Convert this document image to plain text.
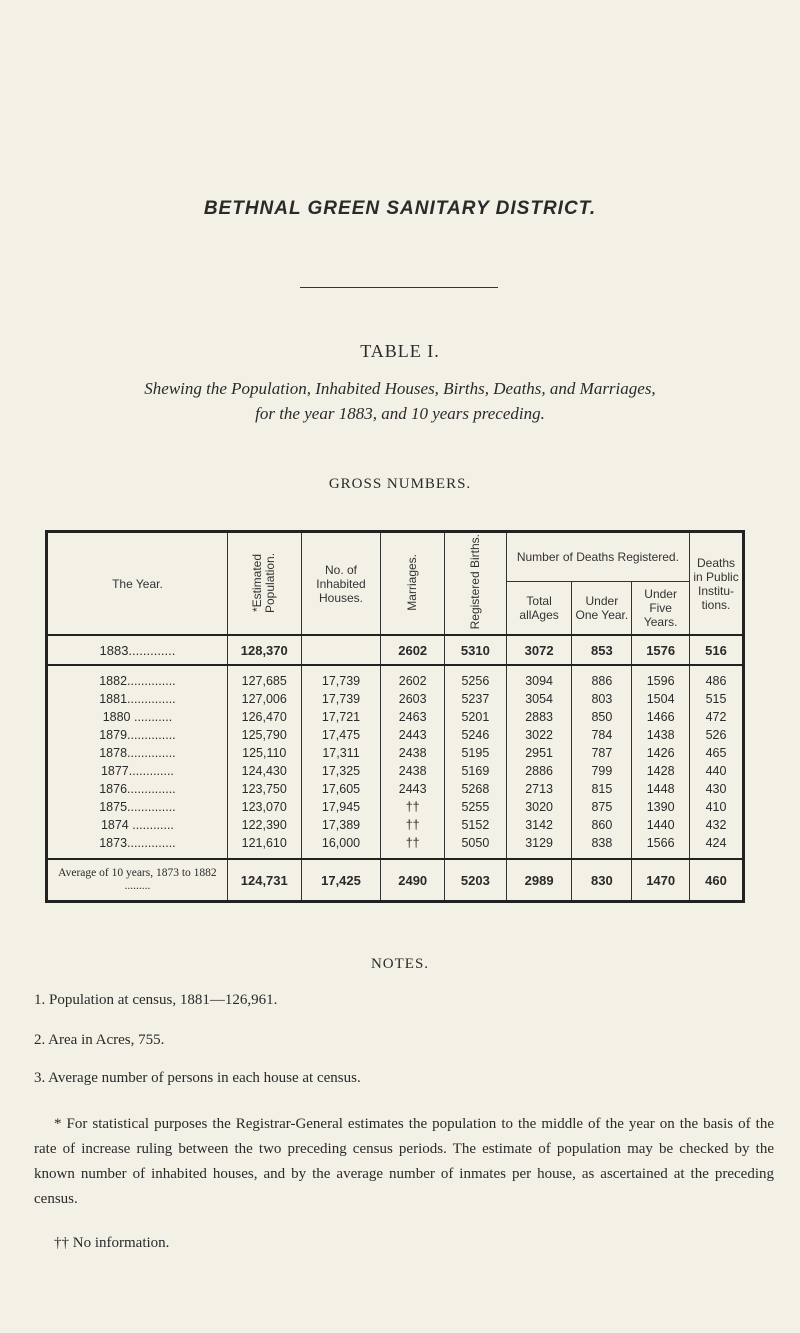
BETHNAL GREEN SANITARY DISTRICT.
TABLE I.
Shewing the Population, Inhabited Houses, Births, Deaths, and Marriages,
for the year 1883, and 10 years preceding.
GROSS NUMBERS.
The Year.	*Estimated Population.	No. of Inhabited Houses.	Marriages.	Registered Births.	Number of Deaths Registered.			Deaths in Public Institu- tions.
					Total allAges	Under One Year.	Under Five Years.	
1883.............	128,370		2602	5310	3072	853	1576	516
1882..............	127,685	17,739	2602	5256	3094	886	1596	486
1881..............	127,006	17,739	2603	5237	3054	803	1504	515
1880 ...........	126,470	17,721	2463	5201	2883	850	1466	472
1879..............	125,790	17,475	2443	5246	3022	784	1438	526
1878..............	125,110	17,311	2438	5195	2951	787	1426	465
1877.............	124,430	17,325	2438	5169	2886	799	1428	440
1876..............	123,750	17,605	2443	5268	2713	815	1448	430
1875..............	123,070	17,945	††	5255	3020	875	1390	410
1874 ............	122,390	17,389	††	5152	3142	860	1440	432
1873..............	121,610	16,000	††	5050	3129	838	1566	424
Average of 10 years, 1873 to 1882 .........	124,731	17,425	2490	5203	2989	830	1470	460
NOTES.
1. Population at census, 1881—126,961.
2. Area in Acres, 755.
3. Average number of persons in each house at census.
* For statistical purposes the Registrar-General estimates the population to the middle of the year on the basis of the rate of increase ruling between the two preceding census periods. The estimate of population may be checked by the known number of inhabited houses, and by the average number of inmates per house, as ascertained at the preceding census.
†† No information.
